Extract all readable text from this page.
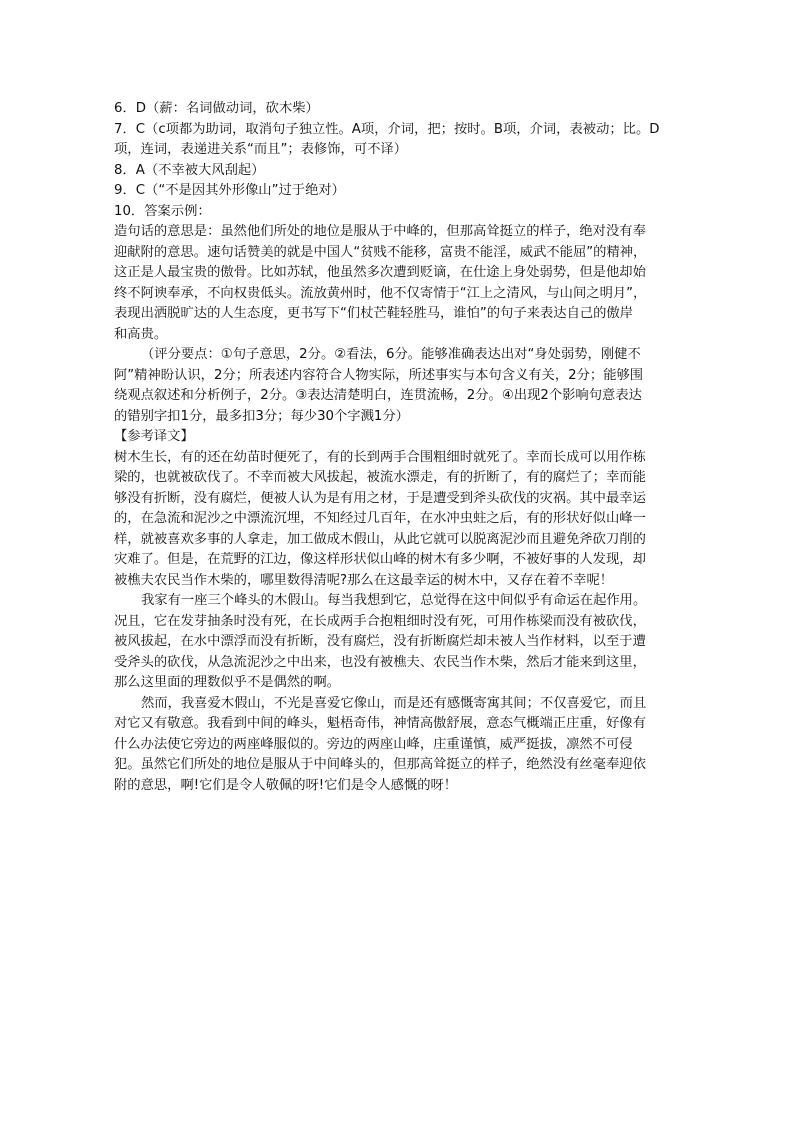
6．D（薪：名词做动词，砍木柴）

7．C（c项都为助词，取消句子独立性。A项，介词，把；按时。B项，介词，表被动；比。D

项，连词，表递进关系“而且”；表修饰，可不译）

8．A（不幸被大风刮起）

9．C（“不是因其外形像山”过于绝对）

10．答案示例：

造句话的意思是：虽然他们所处的地位是服从于中峰的，但那高耸挺立的样子，绝对没有奉

迎献附的意思。速句话赞美的就是中国人“贫贱不能移，富贵不能淫，威武不能屈”的精神，

这正是人最宝贵的傲骨。比如苏轼，他虽然多次遭到贬谪，在仕途上身处弱势，但是他却始

终不阿谀奉承，不向权贵低头。流放黄州时，他不仅寄情于“江上之清风，与山间之明月”，

表现出洒脱旷达的人生态度，更书写下“们杖芒鞋轻胜马，谁怕”的句子来表达自己的傲岸

和高贵。

（评分要点：①句子意思，2分。②看法，6分。能够准确表达出对“身处弱势，刚健不

阿”精神盼认识，2分；所表述内容符合人物实际，所述事实与本句含义有关，2分；能够围

绕观点叙述和分析例子，2分。③表达清楚明白，连贯流畅，2分。④出现2个影响句意表达

的错别字扣1分，最多扣3分；每少30个字溅1分）

【参考译文】

树木生长，有的还在幼苗时便死了，有的长到两手合围粗细时就死了。幸而长成可以用作栋

梁的，也就被砍伐了。不幸而被大风拔起，被流水漂走，有的折断了，有的腐烂了；幸而能

够没有折断，没有腐烂，便被人认为是有用之材，于是遭受到斧头砍伐的灾祸。其中最幸运

的，在急流和泥沙之中漂流沉埋，不知经过几百年，在水冲虫蛀之后，有的形状好似山峰一

样，就被喜欢多事的人拿走，加工做成木假山，从此它就可以脱离泥沙而且避免斧砍刀削的

灾难了。但是，在荒野的江边，像这样形状似山峰的树木有多少啊，不被好事的人发现，却

被樵夫农民当作木柴的，哪里数得清呢?那么在这最幸运的树木中，又存在着不幸呢！

我家有一座三个峰头的木假山。每当我想到它，总觉得在这中间似乎有命运在起作用。

况且，它在发芽抽条时没有死，在长成两手合抱粗细时没有死，可用作栋梁而没有被砍伐，

被风拔起，在水中漂浮而没有折断，没有腐烂，没有折断腐烂却未被人当作材料，以至于遭

受斧头的砍伐，从急流泥沙之中出来，也没有被樵夫、农民当作木柴，然后才能来到这里，

那么这里面的理数似乎不是偶然的啊。

然而，我喜爱木假山，不光是喜爱它像山，而是还有感慨寄寓其间；不仅喜爱它，而且

对它又有敬意。我看到中间的峰头，魁梧奇伟，神情高傲舒展，意态气概端正庄重，好像有

什么办法使它旁边的两座峰服似的。旁边的两座山峰，庄重谨慎，威严挺拔，凛然不可侵

犯。虽然它们所处的地位是服从于中间峰头的，但那高耸挺立的样子，绝然没有丝毫奉迎依

附的意思，啊!它们是令人敬佩的呀!它们是令人感慨的呀！
